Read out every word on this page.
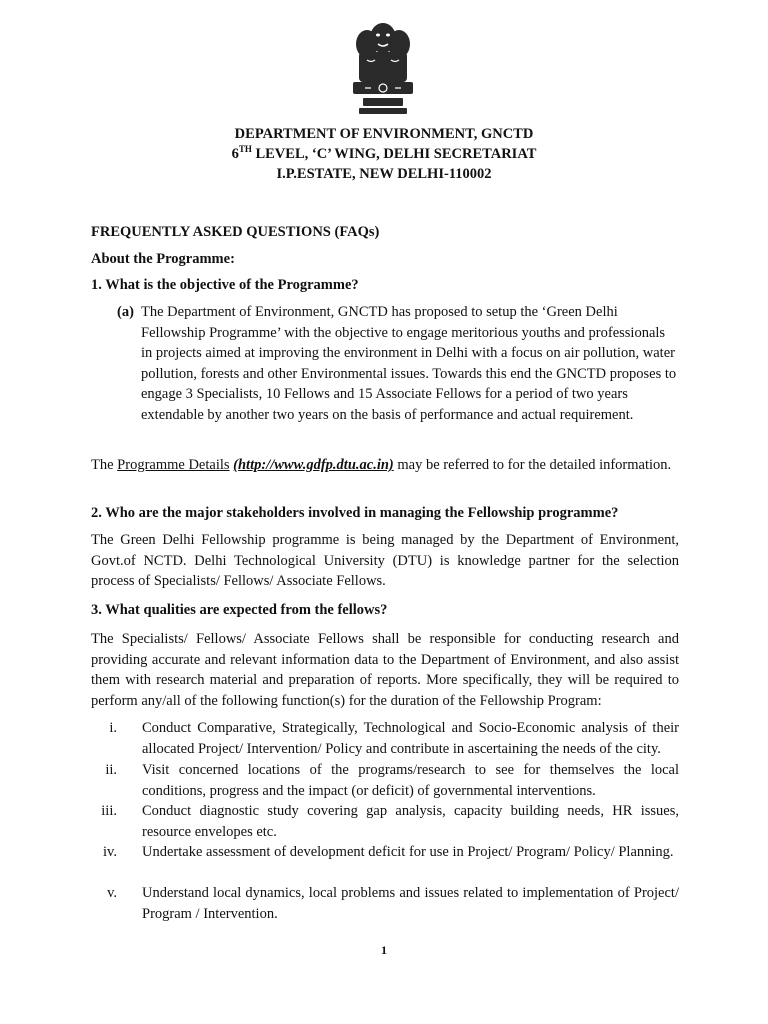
DEPARTMENT OF ENVIRONMENT, GNCTD
6TH LEVEL, ‘C’ WING, DELHI SECRETARIAT
I.P.ESTATE, NEW DELHI-110002
FREQUENTLY ASKED QUESTIONS (FAQs)
About the Programme:
1. What is the objective of the Programme?
(a) The Department of Environment, GNCTD has proposed to setup the ‘Green Delhi Fellowship Programme’ with the objective to engage meritorious youths and professionals in projects aimed at improving the environment in Delhi with a focus on air pollution, water pollution, forests and other Environmental issues. Towards this end the GNCTD proposes to engage 3 Specialists, 10 Fellows and 15 Associate Fellows for a period of two years extendable by another two years on the basis of performance and actual requirement.
The Programme Details (http://www.gdfp.dtu.ac.in) may be referred to for the detailed information.
2. Who are the major stakeholders involved in managing the Fellowship programme?
The Green Delhi Fellowship programme is being managed by the Department of Environment, Govt.of NCTD. Delhi Technological University (DTU) is knowledge partner for the selection process of Specialists/ Fellows/ Associate Fellows.
3. What qualities are expected from the fellows?
The Specialists/ Fellows/ Associate Fellows shall be responsible for conducting research and providing accurate and relevant information data to the Department of Environment, and also assist them with research material and preparation of reports. More specifically, they will be required to perform any/all of the following function(s) for the duration of the Fellowship Program:
i. Conduct Comparative, Strategically, Technological and Socio-Economic analysis of their allocated Project/ Intervention/ Policy and contribute in ascertaining the needs of the city.
ii. Visit concerned locations of the programs/research to see for themselves the local conditions, progress and the impact (or deficit) of governmental interventions.
iii. Conduct diagnostic study covering gap analysis, capacity building needs, HR issues, resource envelopes etc.
iv. Undertake assessment of development deficit for use in Project/ Program/ Policy/ Planning.
v. Understand local dynamics, local problems and issues related to implementation of Project/ Program / Intervention.
1
